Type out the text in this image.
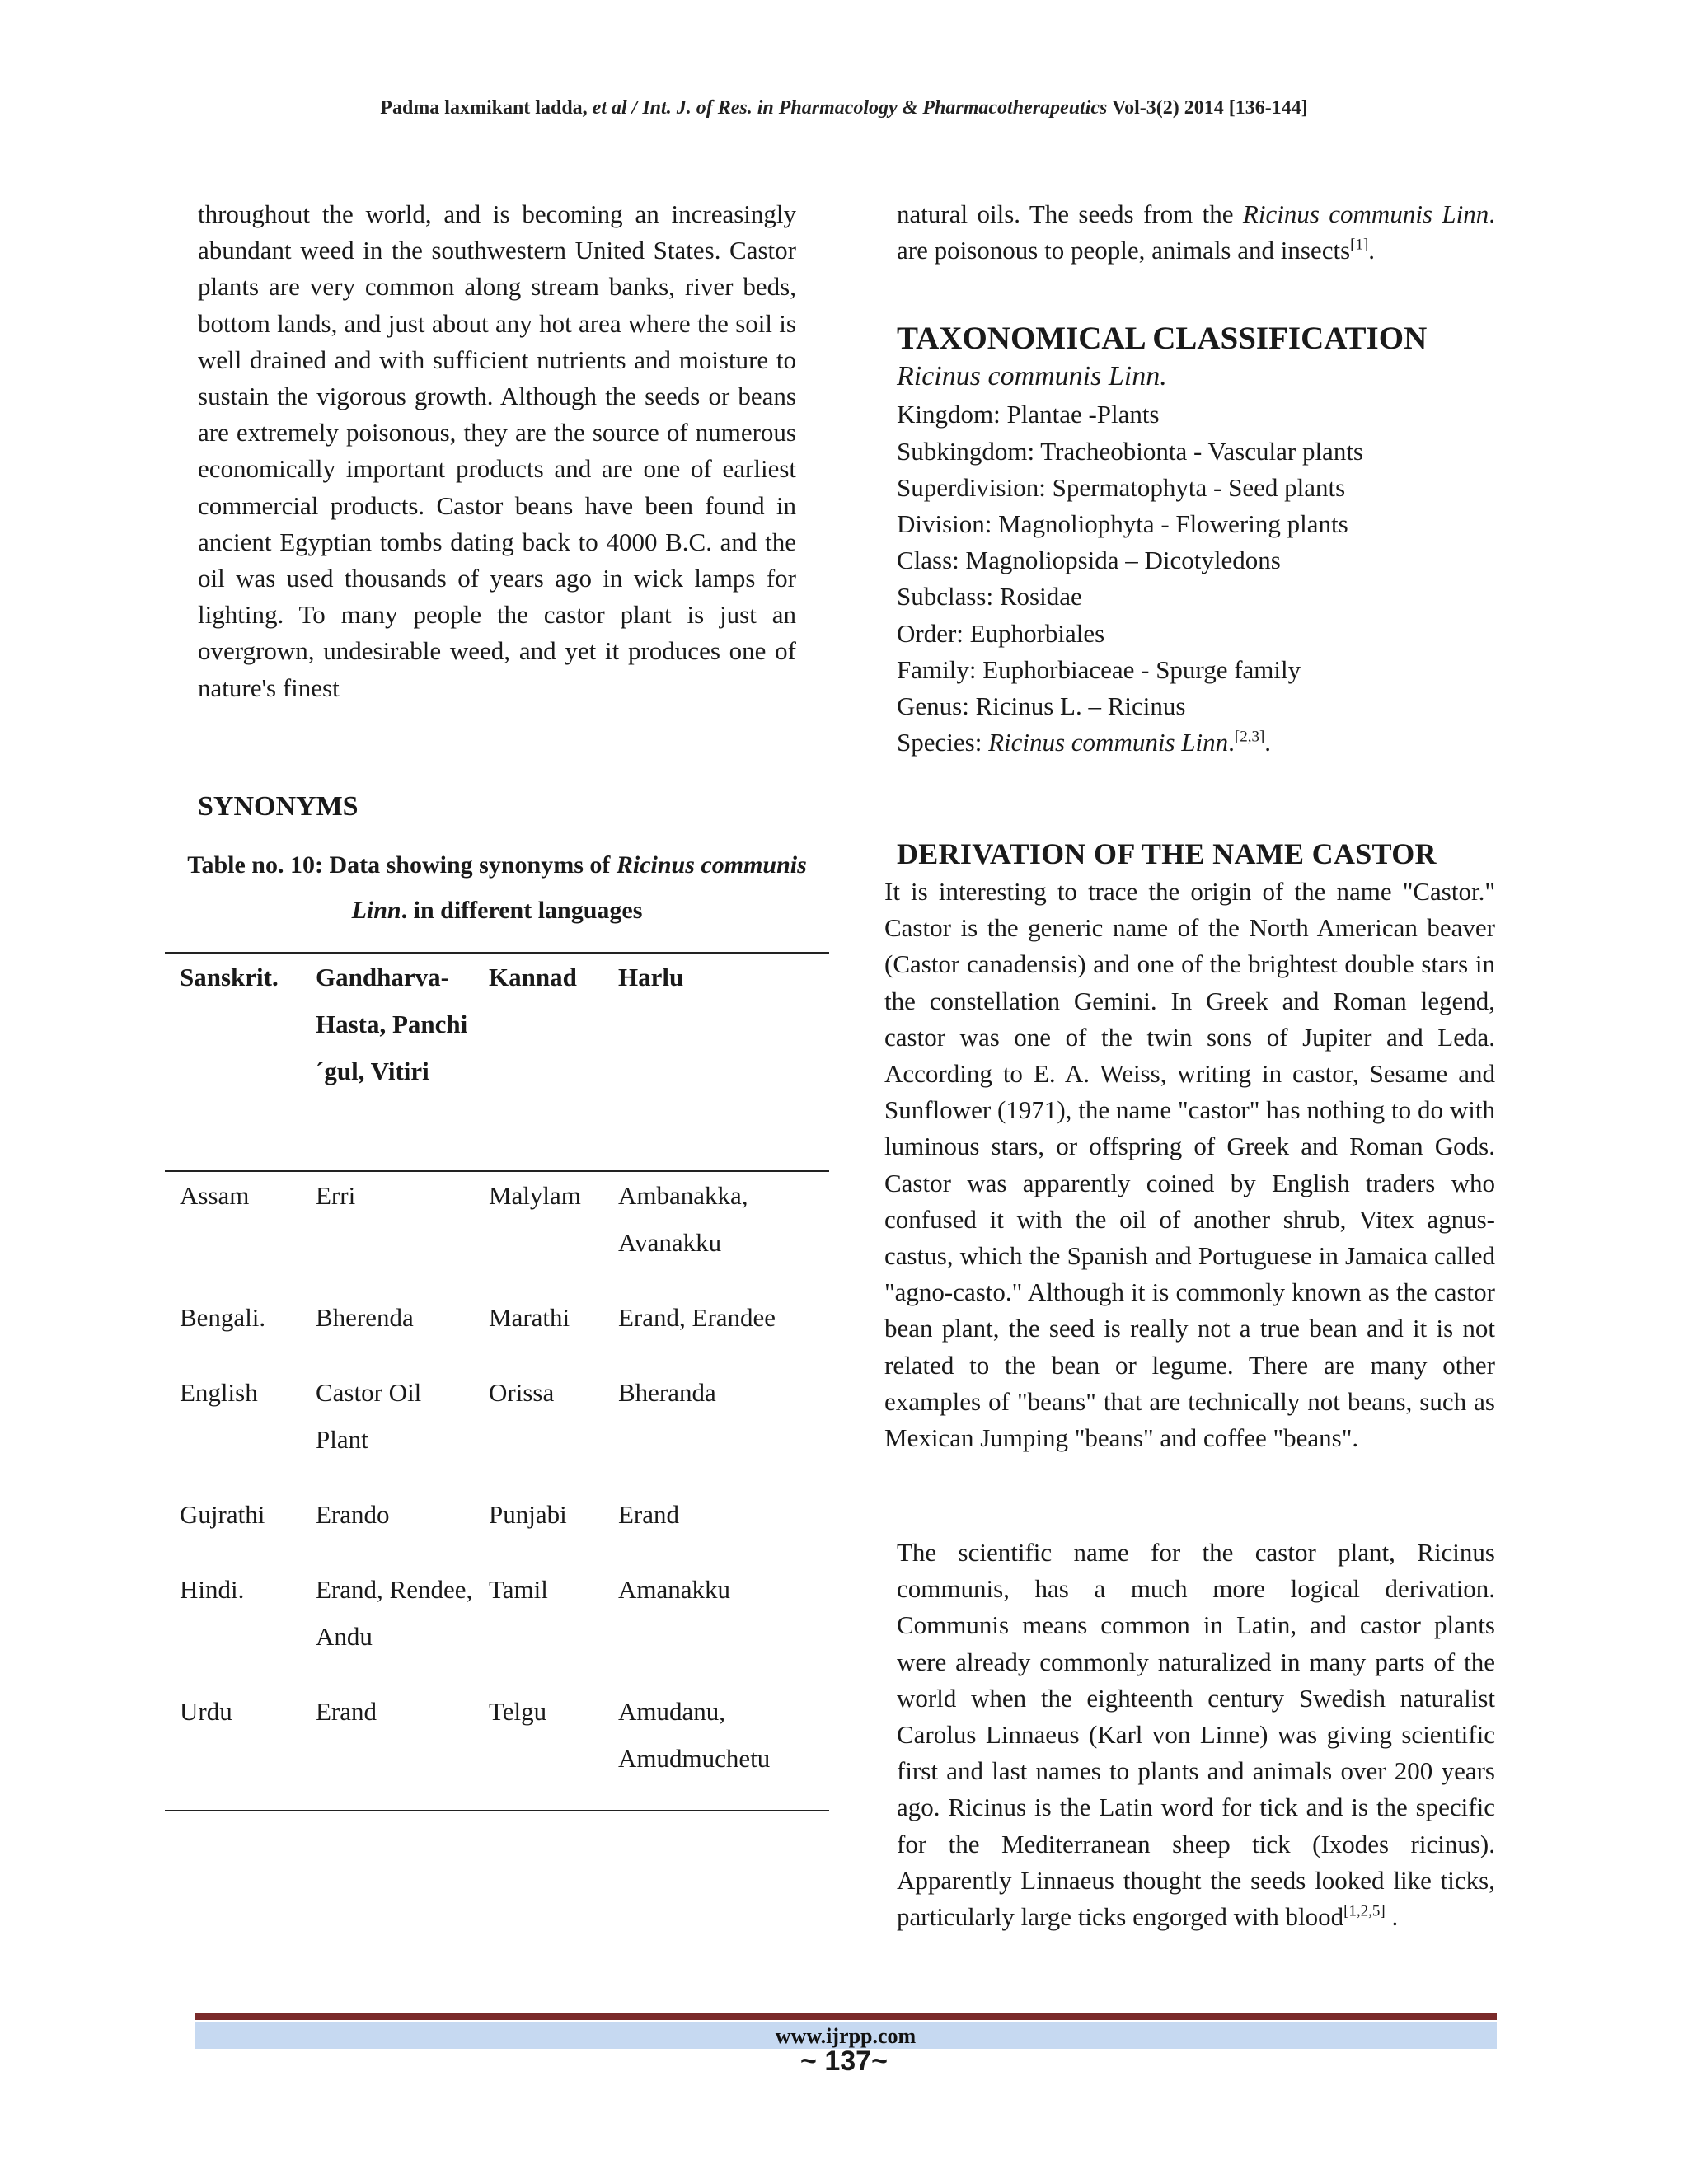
Padma laxmikant ladda, et al / Int. J. of Res. in Pharmacology & Pharmacotherapeutics Vol-3(2) 2014 [136-144]

throughout the world, and is becoming an increasingly abundant weed in the southwestern United States. Castor plants are very common along stream banks, river beds, bottom lands, and just about any hot area where the soil is well drained and with sufficient nutrients and moisture to sustain the vigorous growth. Although the seeds or beans are extremely poisonous, they are the source of numerous economically important products and are one of earliest commercial products. Castor beans have been found in ancient Egyptian tombs dating back to 4000 B.C. and the oil was used thousands of years ago in wick lamps for lighting. To many people the castor plant is just an overgrown, undesirable weed, and yet it produces one of nature's finest

SYNONYMS

Table no. 10: Data showing synonyms of Ricinus communis Linn. in different languages
Sanskrit.	Gandharva-Hasta, Panchi´gul, Vitiri	Kannad	Harlu
Assam	Erri	Malylam	Ambanakka, Avanakku
Bengali.	Bherenda	Marathi	Erand, Erandee
English	Castor Oil Plant	Orissa	Bheranda
Gujrathi	Erando	Punjabi	Erand
Hindi.	Erand, Rendee, Andu	Tamil	Amanakku
Urdu	Erand	Telgu	Amudanu, Amudmuchetu

natural oils. The seeds from the Ricinus communis Linn. are poisonous to people, animals and insects[1].

TAXONOMICAL CLASSIFICATION

Ricinus communis Linn.

Kingdom: Plantae -Plants

Subkingdom: Tracheobionta - Vascular plants

Superdivision: Spermatophyta - Seed plants

Division: Magnoliophyta - Flowering plants

Class: Magnoliopsida – Dicotyledons

Subclass: Rosidae

Order: Euphorbiales

Family: Euphorbiaceae - Spurge family

Genus: Ricinus L. – Ricinus

Species: Ricinus communis Linn.[2,3].

DERIVATION OF THE NAME CASTOR

It is interesting to trace the origin of the name "Castor." Castor is the generic name of the North American beaver (Castor canadensis) and one of the brightest double stars in the constellation Gemini. In Greek and Roman legend, castor was one of the twin sons of Jupiter and Leda. According to E. A. Weiss, writing in castor, Sesame and Sunflower (1971), the name "castor" has nothing to do with luminous stars, or offspring of Greek and Roman Gods. Castor was apparently coined by English traders who confused it with the oil of another shrub, Vitex agnus-castus, which the Spanish and Portuguese in Jamaica called "agno-casto." Although it is commonly known as the castor bean plant, the seed is really not a true bean and it is not related to the bean or legume. There are many other examples of "beans" that are technically not beans, such as Mexican Jumping "beans" and coffee "beans".

The scientific name for the castor plant, Ricinus communis, has a much more logical derivation. Communis means common in Latin, and castor plants were already commonly naturalized in many parts of the world when the eighteenth century Swedish naturalist Carolus Linnaeus (Karl von Linne) was giving scientific first and last names to plants and animals over 200 years ago. Ricinus is the Latin word for tick and is the specific for the Mediterranean sheep tick (Ixodes ricinus). Apparently Linnaeus thought the seeds looked like ticks, particularly large ticks engorged with blood[1,2,5] .

www.ijrpp.com
~ 137~
